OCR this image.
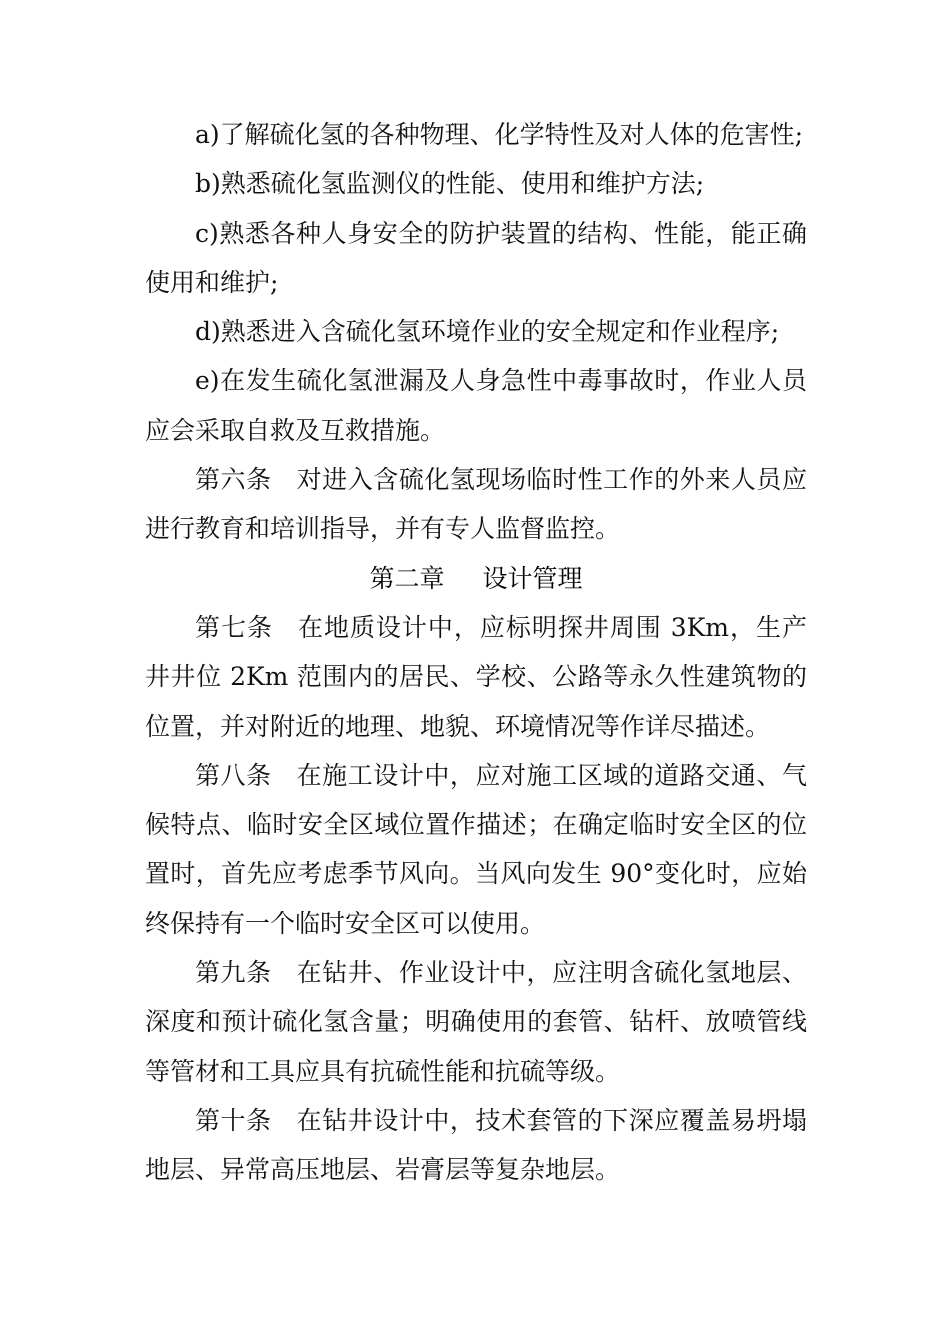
a)了解硫化氢的各种物理、化学特性及对人体的危害性;

b)熟悉硫化氢监测仪的性能、使用和维护方法;

c)熟悉各种人身安全的防护装置的结构、性能，能正确使用和维护;

d)熟悉进入含硫化氢环境作业的安全规定和作业程序;

e)在发生硫化氢泄漏及人身急性中毒事故时，作业人员应会采取自救及互救措施。

第六条 对进入含硫化氢现场临时性工作的外来人员应进行教育和培训指导，并有专人监督监控。

第二章 设计管理

第七条 在地质设计中，应标明探井周围 3Km，生产井井位 2Km 范围内的居民、学校、公路等永久性建筑物的位置，并对附近的地理、地貌、环境情况等作详尽描述。

第八条 在施工设计中，应对施工区域的道路交通、气候特点、临时安全区域位置作描述；在确定临时安全区的位置时，首先应考虑季节风向。当风向发生 90°变化时，应始终保持有一个临时安全区可以使用。

第九条 在钻井、作业设计中，应注明含硫化氢地层、深度和预计硫化氢含量；明确使用的套管、钻杆、放喷管线等管材和工具应具有抗硫性能和抗硫等级。

第十条 在钻井设计中，技术套管的下深应覆盖易坍塌地层、异常高压地层、岩膏层等复杂地层。
